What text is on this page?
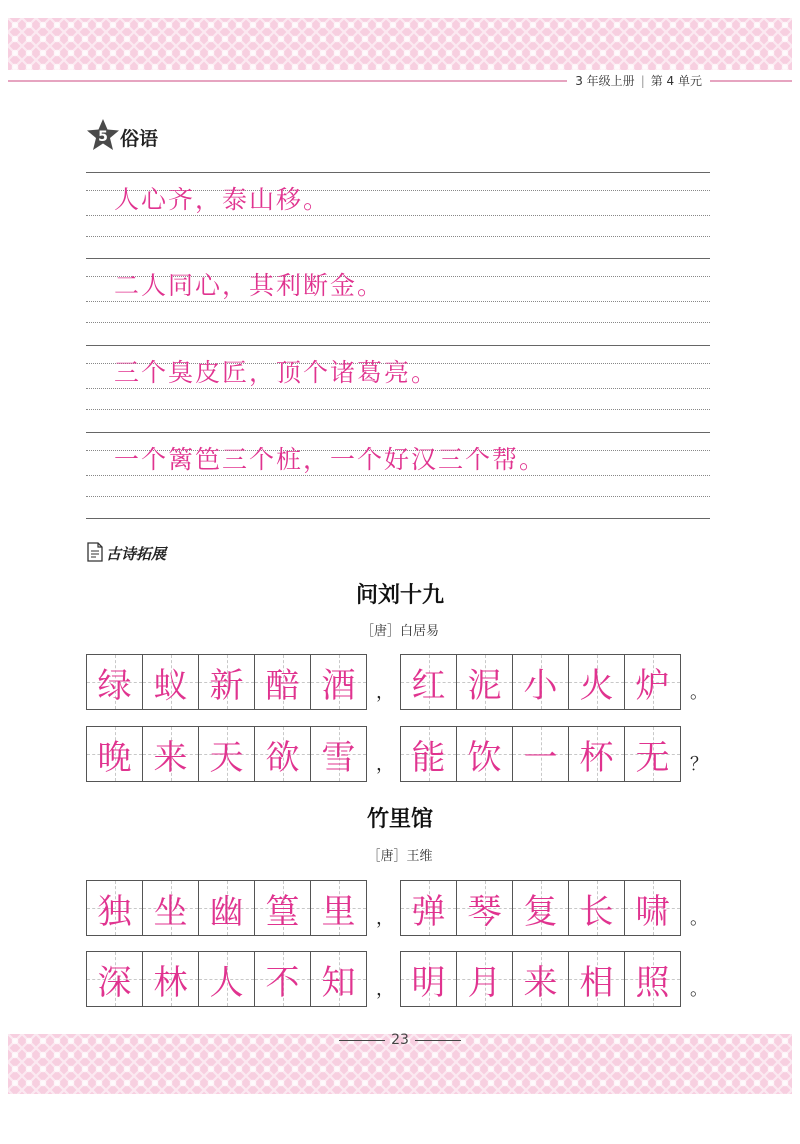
3 年级上册 | 第 4 单元
5 俗语
人心齐，泰山移。
二人同心，其利断金。
三个臭皮匠，顶个诸葛亮。
一个篱笆三个桩，一个好汉三个帮。
古诗拓展
问刘十九
［唐］白居易
竹里馆
［唐］王维
绿 蚁 新 醅 酒 红 泥 小 火 炉
，	。
晚 来 天 欲 雪 能 饮 一 杯 无
，	？
独 坐 幽 篁 里 弹 琴 复 长 啸
，	。
深 林 人 不 知 明 月 来 相 照
，	。
23
